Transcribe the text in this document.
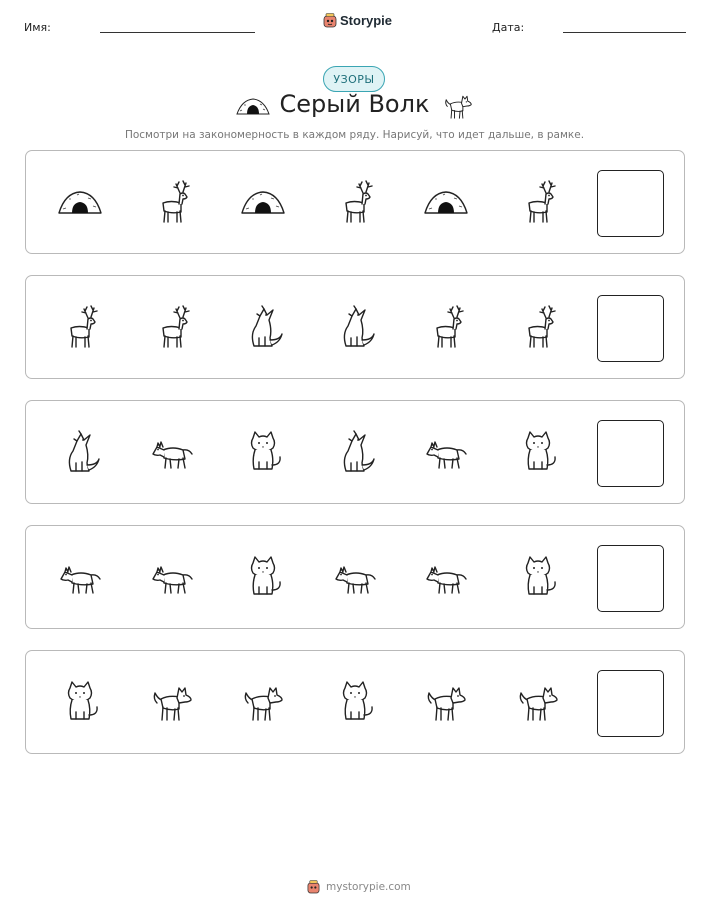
Имя:	Storypie	Дата:
УЗОРЫ
Серый Волк
Посмотри на закономерность в каждом ряду. Нарисуй, что идет дальше, в рамке.
mystorypie.com
